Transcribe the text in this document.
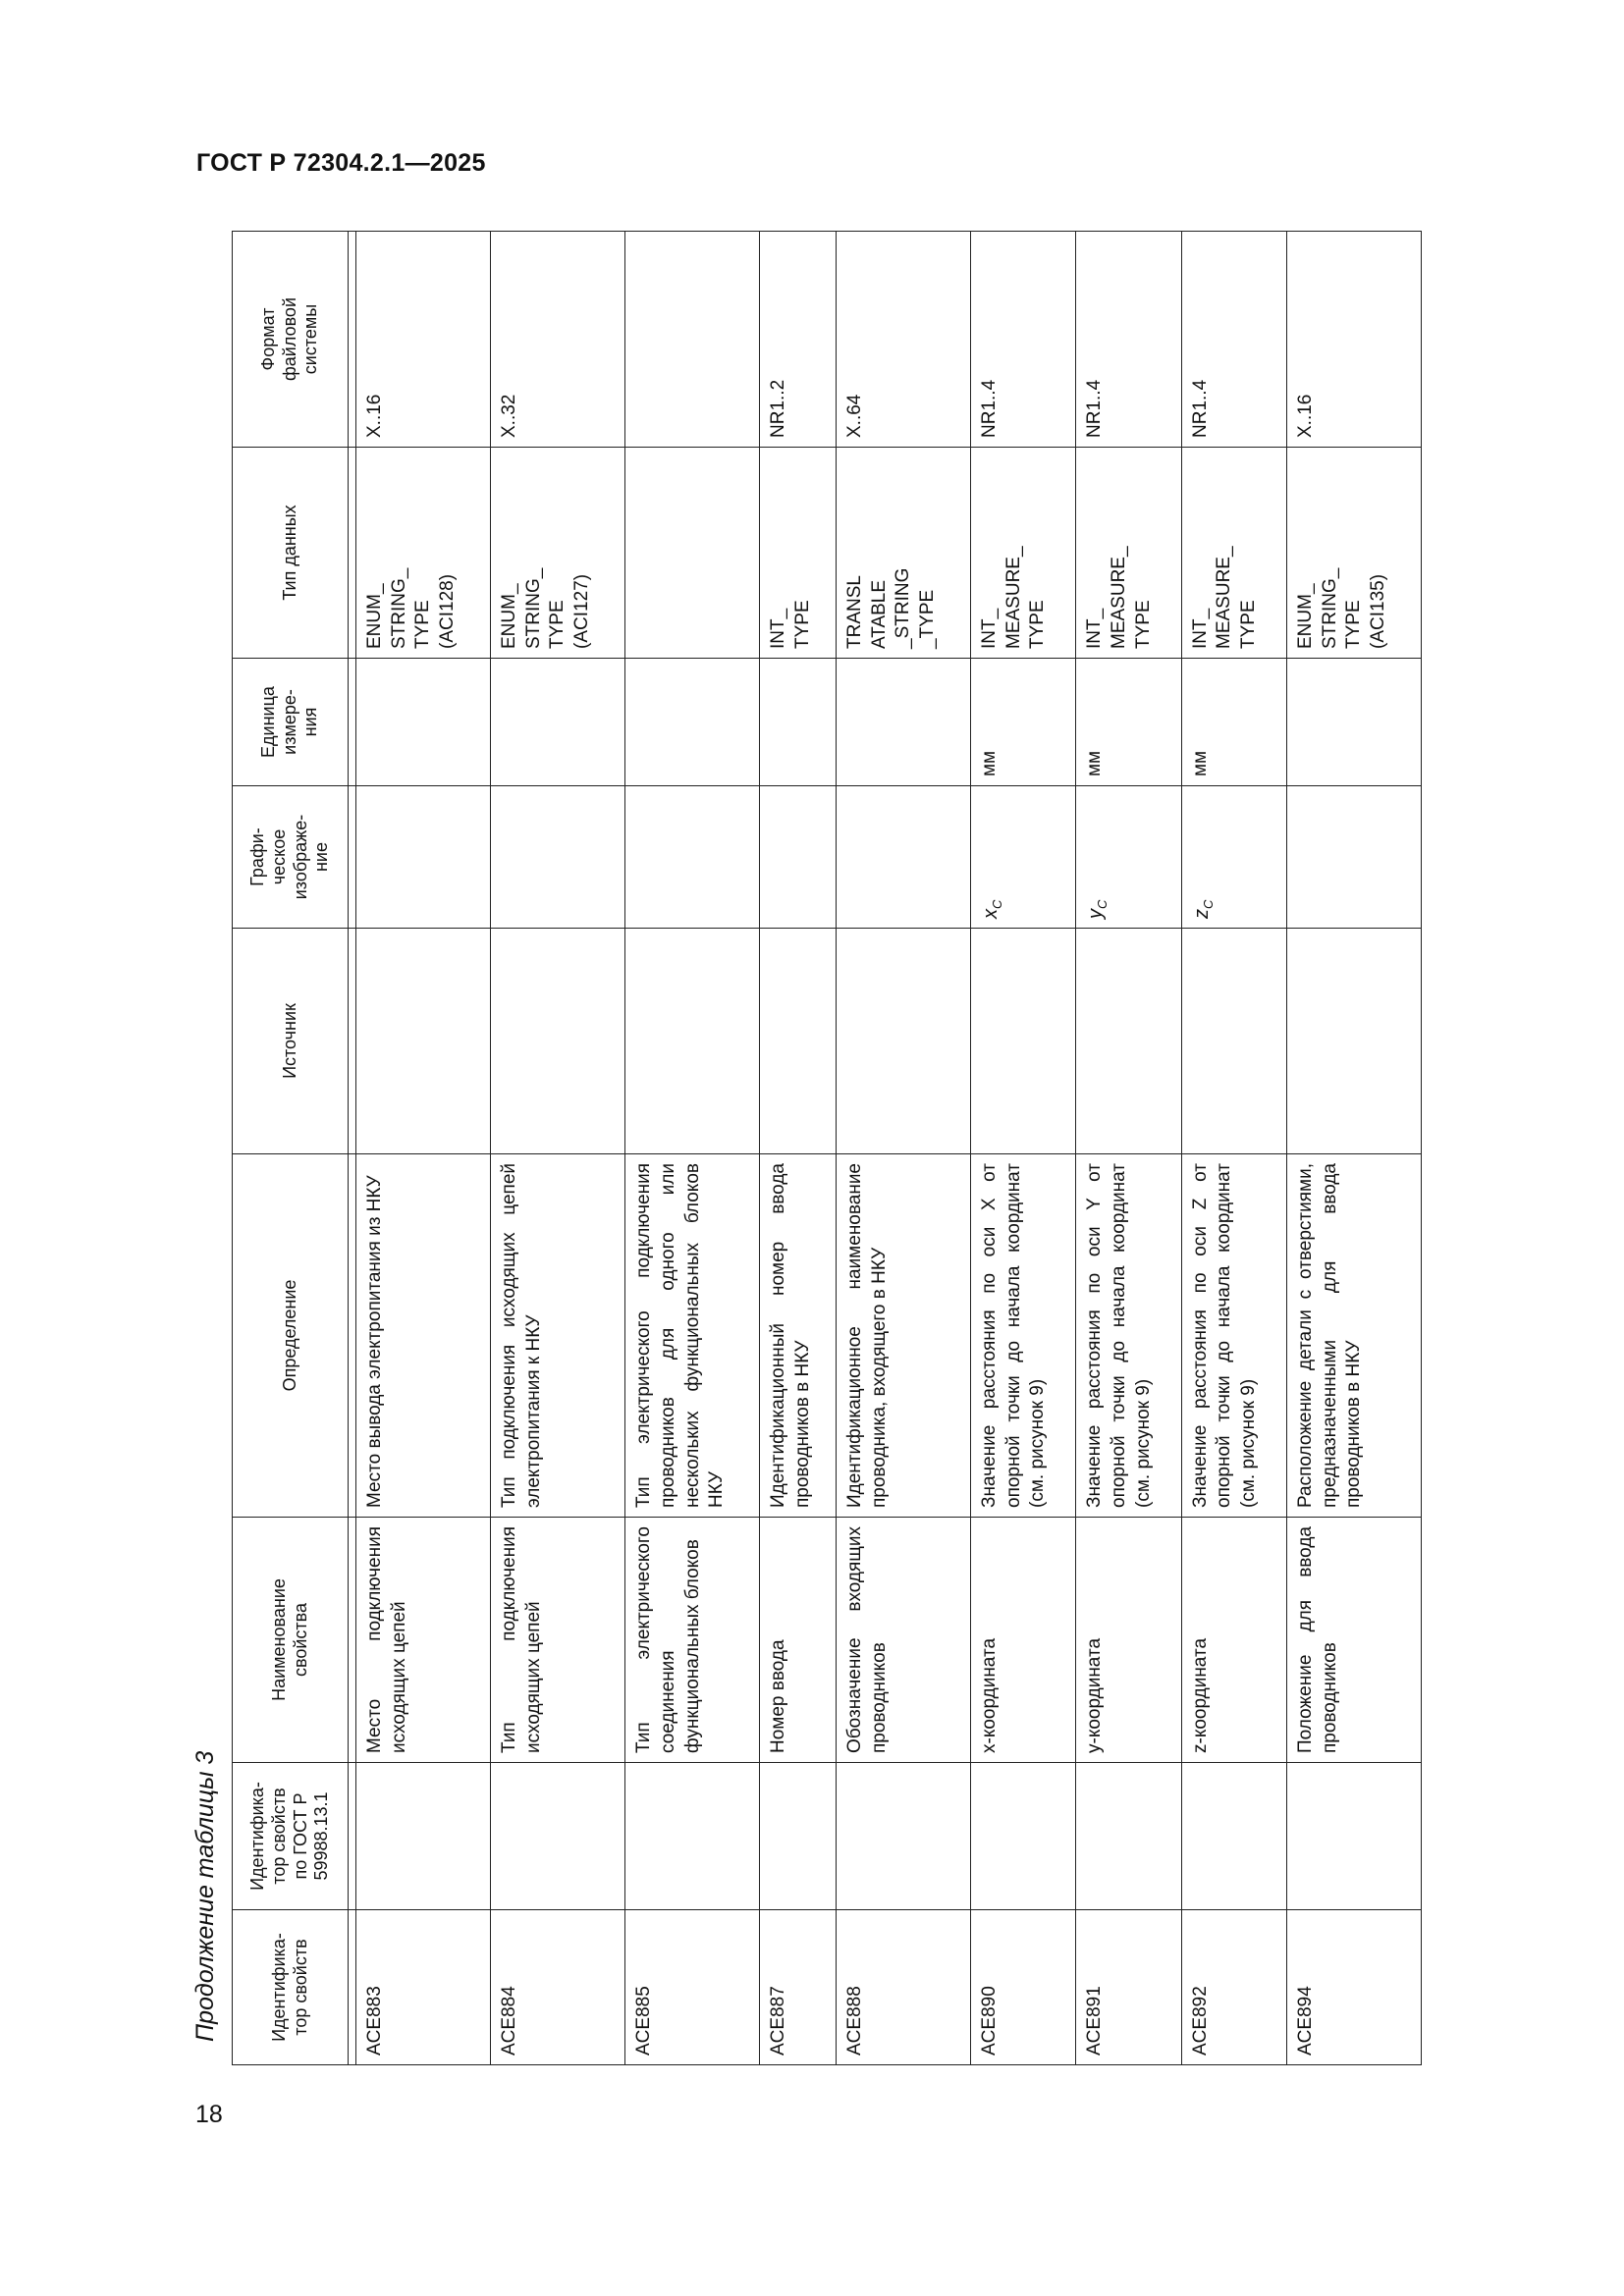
ГОСТ Р 72304.2.1—2025
Продолжение таблицы 3
18
Идентифика-
тор свойств	Идентифика-
тор свойств
по ГОСТ Р
59988.13.1	Наименование
свойства	Определение	Источник	Графи-
ческое
изображе-
ние	Единица
измере-
ния	Тип данных	Формат
файловой
системы

ACE883		Место подключения исходящих цепей	Место вывода электропитания из НКУ				ENUM_
STRING_
TYPE
(ACI128)	X..16
ACE884		Тип подключения исходящих цепей	Тип подключения исходящих цепей электропитания к НКУ				ENUM_
STRING_
TYPE
(ACI127)	X..32
ACE885		Тип электрического соединения функциональных блоков	Тип электрического подключения проводников для одного или нескольких функциональных блоков НКУ					
ACE887		Номер ввода	Идентификационный номер ввода проводников в НКУ				INT_
TYPE	NR1..2
ACE888		Обозначение входящих проводников	Идентификационное наименование проводника, входящего в НКУ				TRANSL
ATABLE
_STRING
_TYPE	X..64
ACE890		x-координата	Значение расстояния по оси X от опорной точки до начала координат (см. рисунок 9)		$x_C$	мм	INT_
MEASURE_
TYPE	NR1..4
ACE891		y-координата	Значение расстояния по оси Y от опорной точки до начала координат (см. рисунок 9)		$y_C$	мм	INT_
MEASURE_
TYPE	NR1..4
ACE892		z-координата	Значение расстояния по оси Z от опорной точки до начала координат (см. рисунок 9)		$z_C$	мм	INT_
MEASURE_
TYPE	NR1..4
ACE894		Положение для ввода проводников	Расположение детали с отверстиями, предназначенными для ввода проводников в НКУ				ENUM_
STRING_
TYPE
(ACI135)	X..16
